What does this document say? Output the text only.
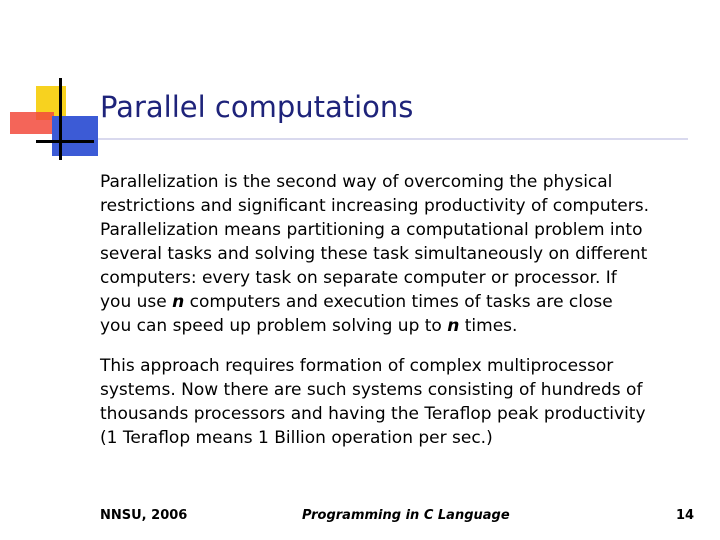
Parallel computations

Parallelization is the second way of overcoming the physical
restrictions and significant increasing productivity of computers.
Parallelization means partitioning a computational problem into
several tasks and solving these task simultaneously on different
computers: every task on separate computer or processor. If
you use n computers and execution times of tasks are close
you can speed up problem solving up to n times.

This approach requires formation of complex multiprocessor
systems. Now there are such systems consisting of hundreds of
thousands processors and having the Teraflop peak productivity
(1 Teraflop means 1 Billion operation per sec.)

NNSU, 2006	Programming in C Language	14
